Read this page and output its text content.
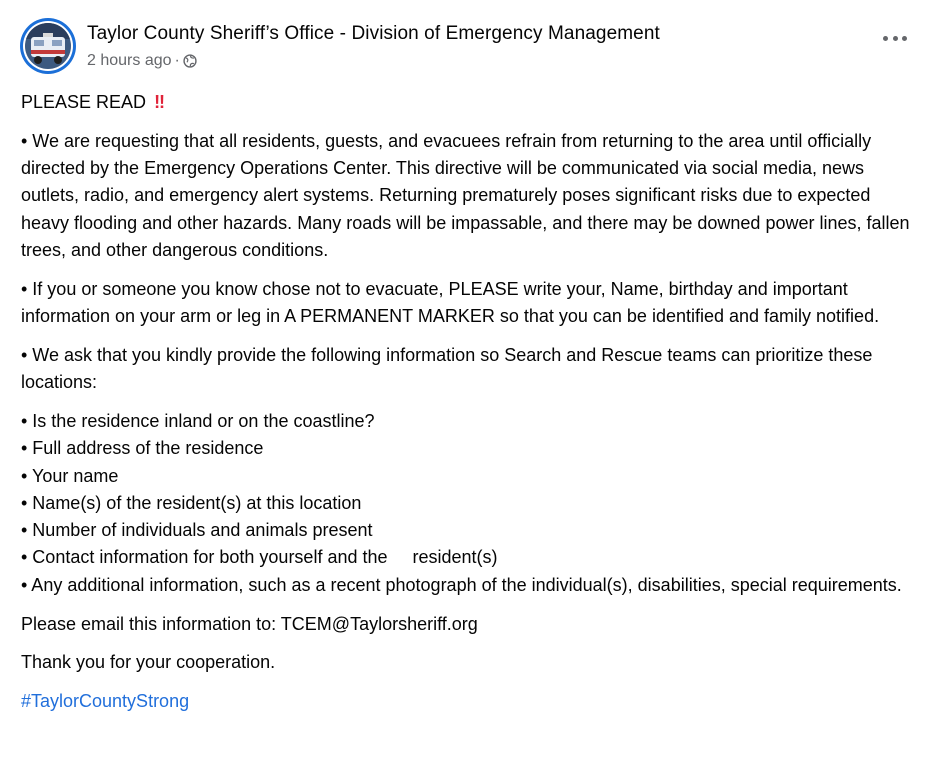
Taylor County Sheriff’s Office - Division of Emergency Management
2 hours ago ·

PLEASE READ ‼

• We are requesting that all residents, guests, and evacuees refrain from returning to the area until officially directed by the Emergency Operations Center. This directive will be communicated via social media, news outlets, radio, and emergency alert systems. Returning prematurely poses significant risks due to expected heavy flooding and other hazards. Many roads will be impassable, and there may be downed power lines, fallen trees, and other dangerous conditions.

• If you or someone you know chose not to evacuate, PLEASE write your, Name, birthday and important information on your arm or leg in A PERMANENT MARKER so that you can be identified and family notified.

• We ask that you kindly provide the following information so Search and Rescue teams can prioritize these locations:

• Is the residence inland or on the coastline?

• Full address of the residence

• Your name

• Name(s) of the resident(s) at this location

• Number of individuals and animals present

• Contact information for both yourself and the     resident(s)

• Any additional information, such as a recent photograph of the individual(s), disabilities, special requirements.

Please email this information to: TCEM@Taylorsheriff.org

Thank you for your cooperation.

#TaylorCountyStrong
